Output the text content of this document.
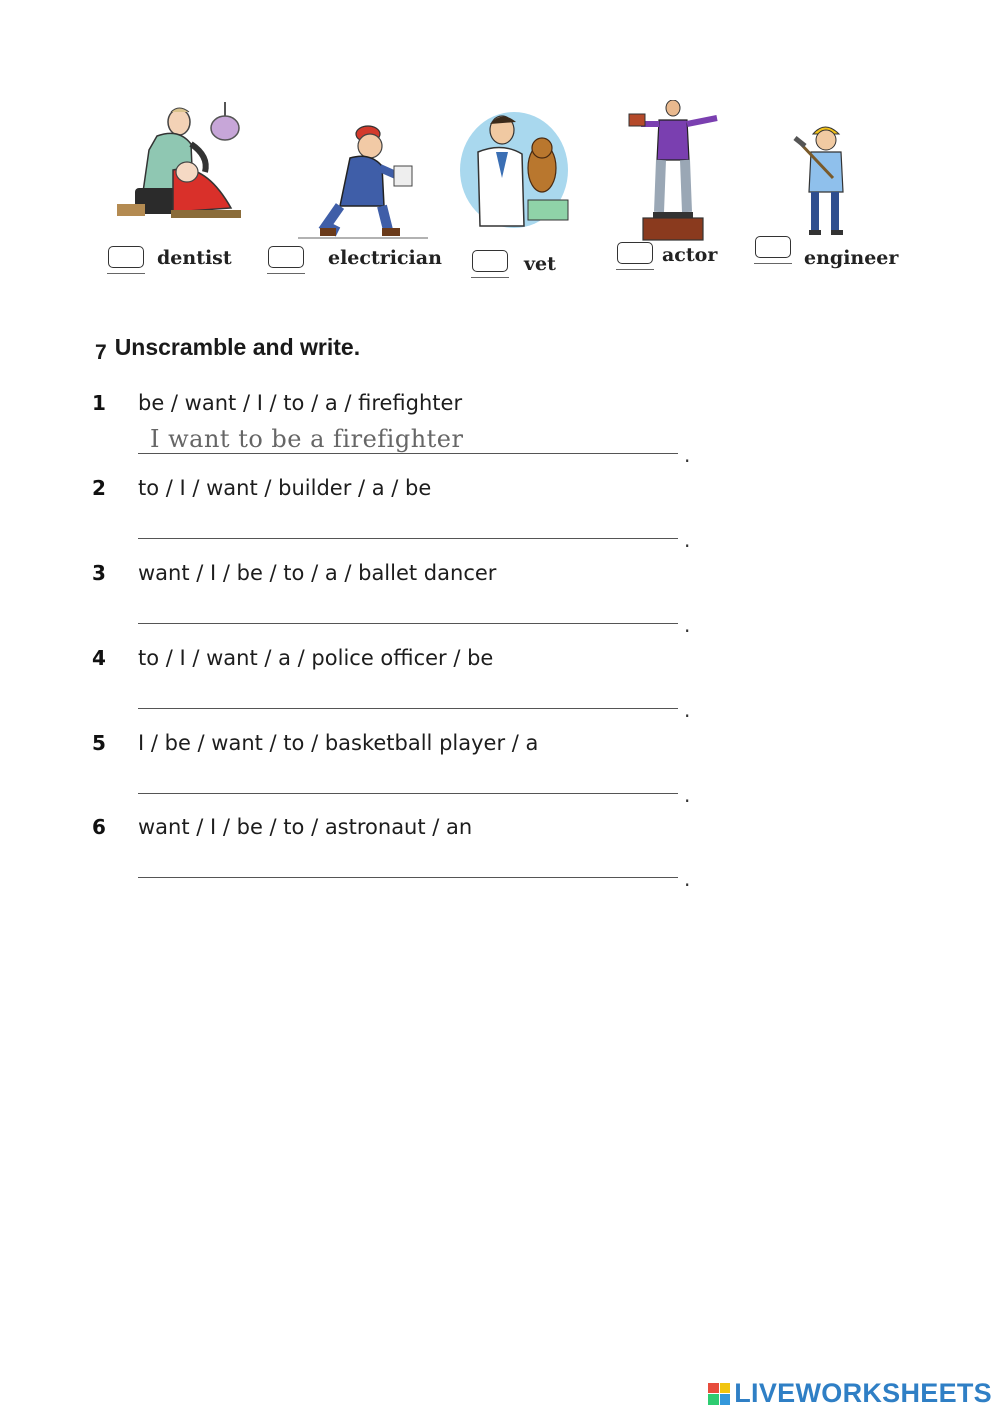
dentist	electrician	vet	actor	engineer
7 Unscramble and write.
1 be / want / I / to / a / firefighter
I want to be a firefighter
.
2 to / I / want / builder / a / be
.
3 want / I / be / to / a / ballet dancer
.
4 to / I / want / a / police officer / be
.
5 I / be / want / to / basketball player / a
.
6 want / I / be / to / astronaut / an
.
LIVEWORKSHEETS
